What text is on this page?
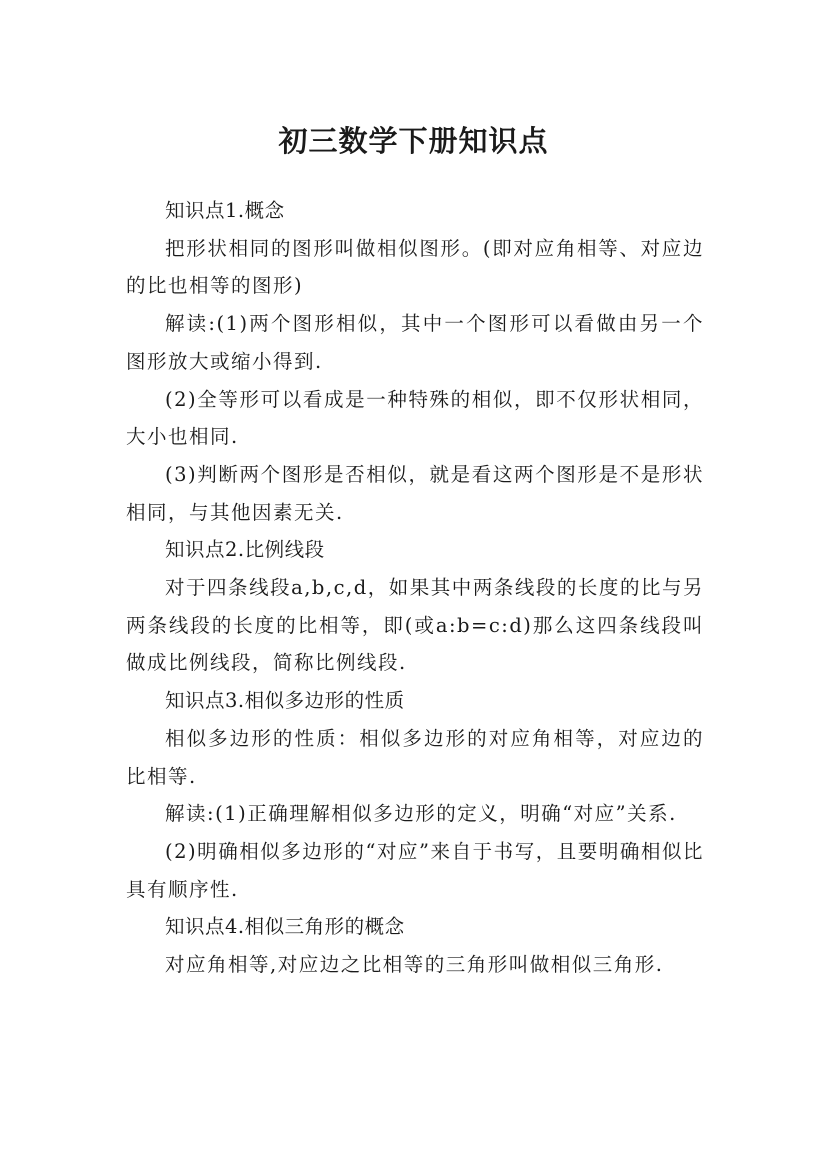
初三数学下册知识点

知识点1.概念

把形状相同的图形叫做相似图形。(即对应角相等、对应边的比也相等的图形)

解读:(1)两个图形相似，其中一个图形可以看做由另一个图形放大或缩小得到.

(2)全等形可以看成是一种特殊的相似，即不仅形状相同，大小也相同.

(3)判断两个图形是否相似，就是看这两个图形是不是形状相同，与其他因素无关.

知识点2.比例线段

对于四条线段a,b,c,d，如果其中两条线段的长度的比与另两条线段的长度的比相等，即(或a:b=c:d)那么这四条线段叫做成比例线段，简称比例线段.

知识点3.相似多边形的性质

相似多边形的性质：相似多边形的对应角相等，对应边的比相等.

解读:(1)正确理解相似多边形的定义，明确“对应”关系.

(2)明确相似多边形的“对应”来自于书写，且要明确相似比具有顺序性.

知识点4.相似三角形的概念

对应角相等,对应边之比相等的三角形叫做相似三角形.
